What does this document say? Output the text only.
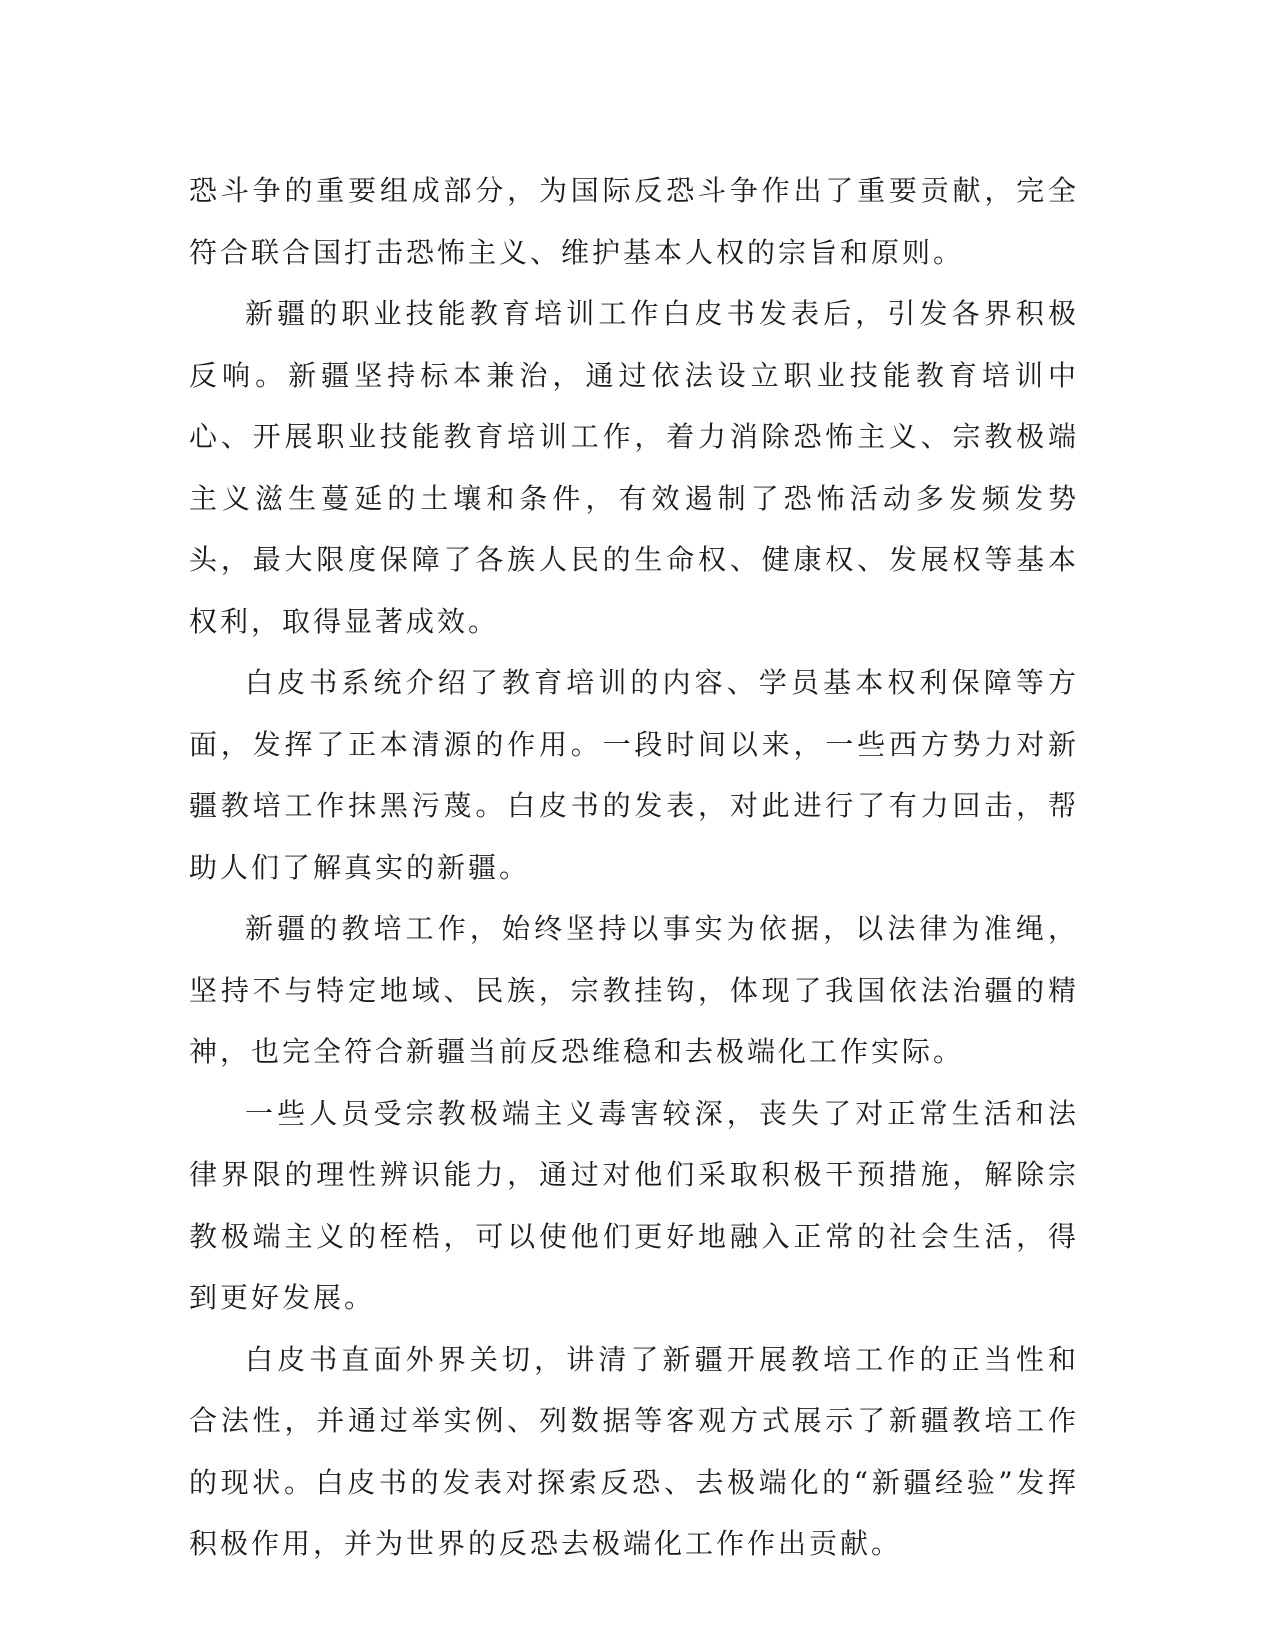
恐斗争的重要组成部分，为国际反恐斗争作出了重要贡献，完全符合联合国打击恐怖主义、维护基本人权的宗旨和原则。

新疆的职业技能教育培训工作白皮书发表后，引发各界积极反响。新疆坚持标本兼治，通过依法设立职业技能教育培训中心、开展职业技能教育培训工作，着力消除恐怖主义、宗教极端主义滋生蔓延的土壤和条件，有效遏制了恐怖活动多发频发势头，最大限度保障了各族人民的生命权、健康权、发展权等基本权利，取得显著成效。

白皮书系统介绍了教育培训的内容、学员基本权利保障等方面，发挥了正本清源的作用。一段时间以来，一些西方势力对新疆教培工作抹黑污蔑。白皮书的发表，对此进行了有力回击，帮助人们了解真实的新疆。

新疆的教培工作，始终坚持以事实为依据，以法律为准绳，坚持不与特定地域、民族，宗教挂钩，体现了我国依法治疆的精神，也完全符合新疆当前反恐维稳和去极端化工作实际。

一些人员受宗教极端主义毒害较深，丧失了对正常生活和法律界限的理性辨识能力，通过对他们采取积极干预措施，解除宗教极端主义的桎梏，可以使他们更好地融入正常的社会生活，得到更好发展。

白皮书直面外界关切，讲清了新疆开展教培工作的正当性和合法性，并通过举实例、列数据等客观方式展示了新疆教培工作的现状。白皮书的发表对探索反恐、去极端化的“新疆经验”发挥积极作用，并为世界的反恐去极端化工作作出贡献。
